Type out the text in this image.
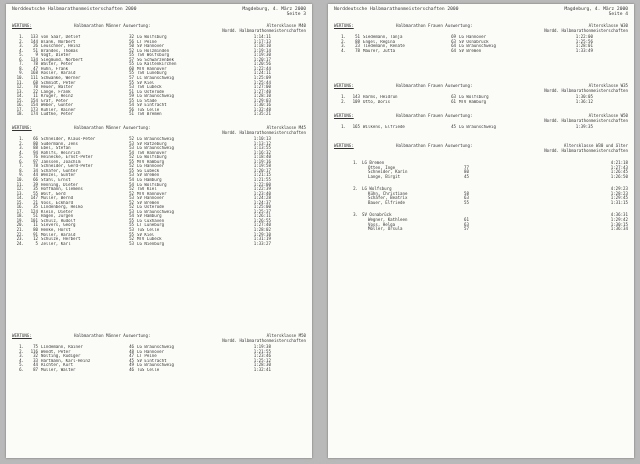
Norddeutsche Halbmarathonmeisterschaften 2000	Magdeburg, 4. März 2000
Seite 3
WERTUNG:	Halbmarathon Männer Auswertung:	Altersklasse M40
Nordd. Halbmarathonmeisterschaften
1.	133 von Saar, Detlef	32 LG Wolfsburg	1:14:11
2.	144 Blank, Norbert	56 LT Peine	1:17:13
3.	26 Leuschner, Heinz	50 SV Hannover	1:18:10
4.	51 Brandes, Thomas	52 LG Holzminden	1:19:14
5.	9 Vogt, Dieter	55 TSV Wolfsburg	1:19:30
6.	134 Siegmund, Norbert	57 SG Schwarzenbek	1:20:17
7.	78 Walter, Peter	55 LG Kaltenkirchen	1:20:56
8.	47 Hühn, Frank	60 MTV Hannover	1:22:44
9.	168 Rösler, Harald	55 TSV Lüneburg	1:24:11
10.	111 Schwanke, Werner	57 LC Braunschweig	1:25:09
11.	68 Schmidt, Peter	55 SV Kiel	1:25:44
12.	70 Heuer, Walter	53 TSV Lübeck	1:27:00
13.	22 Lange, Frank	51 LG Osterode	1:27:40
14.	11 Krüger, Heinz	59 LG Braunschweig	1:28:10
15.	154 Graf, Peter	55 LG Stade	1:29:03
16.	154 Weber, Günter	54 SV Eintracht	1:30:16
17.	173 Kühler, Rainer	56 TuS Celle	1:32:48
18.	174 Lüdtke, Peter	51 TSV Bremen	1:35:21
WERTUNG:	Halbmarathon Männer Auswertung:	Altersklasse M45
Nordd. Halbmarathonmeisterschaften
1.	66 Schneider, Klaus-Peter	52 LG Braunschweig	1:10:13
2.	80 Sudermann, Jens	53 SV Ratzeburg	1:13:12
3.	88 Ebel, Stefan	53 LG Braunschweig	1:13:55
4.	94 Rohlfs, Heinrich	54 TSV Hannover	1:16:32
5.	76 Heinecke, Ernst-Peter	52 LG Wolfsburg	1:18:40
6.	97 Janssen, Joachim	55 MTV Hamburg	1:19:16
7.	78 Schneider, Gerd-Peter	52 LG Hannover	1:19:58
8.	34 Schäfer, Günter	55 SG Lübeck	1:20:17
9.	44 Wenzel, Günter	53 SV Bremen	1:21:15
10.	66 Stahl, Ernst	54 LG Hamburg	1:21:55
11.	39 Henning, Dieter	54 LG Wolfsburg	1:22:00
12.	35 Hoffmann, Clemens	52 TSV Kiel	1:22:39
13.	55 Wolf, Gerd	52 MTV Hannover	1:23:40
14.	147 Müller, Bernd	53 SV Hannover	1:24:28
15.	21 Voss, Eckhard	52 SV Bremen	1:24:37
16.	35 Lindenberg, Heiko	52 LG Osterode	1:25:00
17.	124 Klein, Dieter	53 LG Braunschweig	1:25:37
18.	51 Hagen, Jürgen	54 SV Hamburg	1:26:11
19.	101 Schulz, Rudolf	55 LG Cuxhaven	1:26:55
20.	11 Sievers, Georg	55 LT Lüneburg	1:27:40
21.	80 Henke, Horst	53 TuS Celle	1:28:02
22.	91 Möller, Harald	55 SV Kiel	1:29:10
23.	12 Schulze, Herbert	52 MTV Lübeck	1:31:19
24.	5 Zeller, Karl	53 LG Nienburg	1:33:27
WERTUNG:	Halbmarathon Männer Auswertung:	Altersklasse M50
Nordd. Halbmarathonmeisterschaften
1.	75 Lindemann, Rainer	46 LG Braunschweig	1:19:38
2.	116 Wendt, Peter	48 LG Hannover	1:21:55
3.	32 Nolting, Rüdiger	47 LT Peine	1:23:46
4.	33 Hartmann, Karl-Heinz	45 SV Eintracht	1:25:12
5.	44 Richter, Kurt	49 LG Braunschweig	1:28:30
6.	87 Müller, Walter	46 TuS Celle	1:32:41
Norddeutsche Halbmarathonmeisterschaften 2000	Magdeburg, 4. März 2000
Seite 4
WERTUNG:	Halbmarathon Frauen Auswertung:	Altersklasse W30
Nordd. Halbmarathonmeisterschaften
1.	51 Siedemann, Tanja	69 LG Hannover	1:22:00
2.	88 Engel, Regina	63 SV Osnabrück	1:25:56
3.	23 Tiedemann, Renate	64 LG Braunschweig	1:28:01
4.	78 Maurer, Jutta	64 SV Bremen	1:33:49
WERTUNG:	Halbmarathon Frauen Auswertung:	Altersklasse W35
Nordd. Halbmarathonmeisterschaften
1.	143 Harms, Heidrun	63 LG Wolfsburg	1:30:05
2.	109 Otto, Doris	61 MTV Hamburg	1:36:12
WERTUNG:	Halbmarathon Frauen Auswertung:	Altersklasse W50
Nordd. Halbmarathonmeisterschaften
1.	165 Wilkens, Elfriede	45 LG Braunschweig	1:39:35
WERTUNG:	Halbmarathon Frauen Auswertung:	Altersklasse W30 und älter
Nordd. Halbmarathonmeisterschaften
1. LG Bremen	4:21:18
Otten, Inge	77	1:27:43
Schneider, Karin	80	1:26:45
Lange, Birgit	45	1:26:50
2. LG Wolfsburg	4:29:23
Kühn, Christiane	58	1:28:23
Schäfer, Beatrix	63	1:29:45
Bauer, Elfriede	55	1:31:15
3. SV Osnabrück	4:36:31
Wegner, Kathleen	61	1:29:42
Voss, Helga	63	1:30:15
Möller, Ursula	57	1:36:34
